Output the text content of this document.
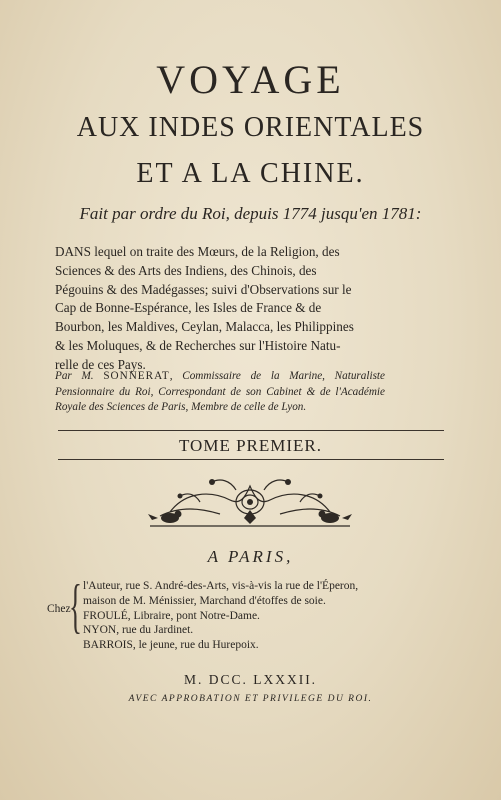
VOYAGE
AUX INDES ORIENTALES
ET A LA CHINE.
Fait par ordre du Roi, depuis 1774 jusqu'en 1781:
DANS lequel on traite des Mœurs, de la Religion, des
Sciences & des Arts des Indiens, des Chinois, des
Pégouins & des Madégasses; suivi d'Observations sur le
Cap de Bonne-Espérance, les Isles de France & de
Bourbon, les Maldives, Ceylan, Malacca, les Philippines
& les Moluques, & de Recherches sur l'Histoire Natu-
relle de ces Pays.
Par M. SONNERAT, Commissaire de la Marine, Naturaliste Pensionnaire du Roi, Correspondant de son Cabinet & de l'Académie Royale des Sciences de Paris, Membre de celle de Lyon.
TOME PREMIER.
A PARIS,
Chez
{ l'Auteur, rue S. André-des-Arts, vis-à-vis la rue de l'Éperon,
maison de M. Ménissier, Marchand d'étoffes de soie.
FROULÉ, Libraire, pont Notre-Dame.
NYON, rue du Jardinet.
BARROIS, le jeune, rue du Hurepoix.
M. DCC. LXXXII.
AVEC APPROBATION ET PRIVILEGE DU ROI.
